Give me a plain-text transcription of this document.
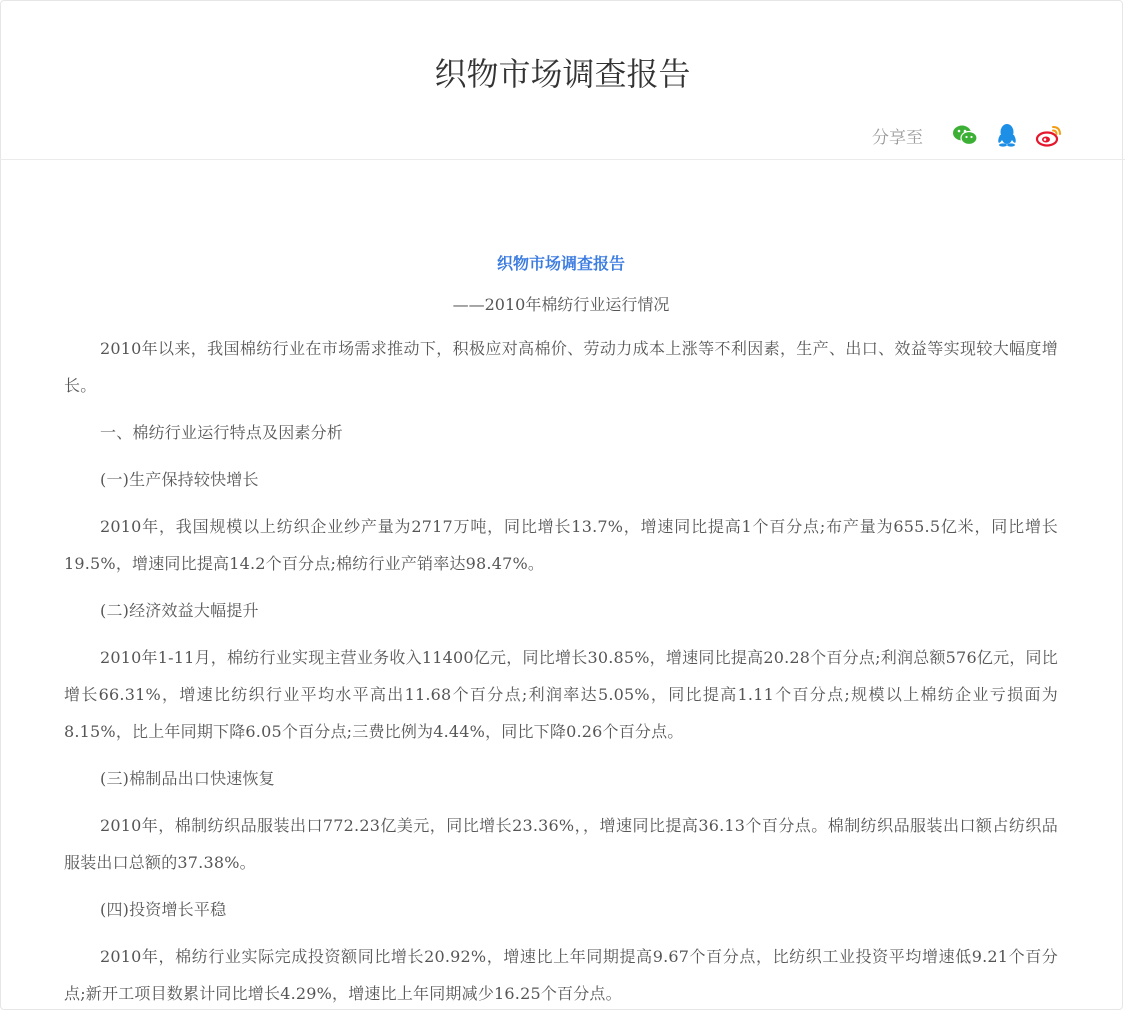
织物市场调查报告
分享至
织物市场调查报告
——2010年棉纺行业运行情况

2010年以来，我国棉纺行业在市场需求推动下，积极应对高棉价、劳动力成本上涨等不利因素，生产、出口、效益等实现较大幅度增长。

一、棉纺行业运行特点及因素分析

(一)生产保持较快增长

2010年，我国规模以上纺织企业纱产量为2717万吨，同比增长13.7%，增速同比提高1个百分点;布产量为655.5亿米，同比增长19.5%，增速同比提高14.2个百分点;棉纺行业产销率达98.47%。

(二)经济效益大幅提升

2010年1-11月，棉纺行业实现主营业务收入11400亿元，同比增长30.85%，增速同比提高20.28个百分点;利润总额576亿元，同比增长66.31%，增速比纺织行业平均水平高出11.68个百分点;利润率达5.05%，同比提高1.11个百分点;规模以上棉纺企业亏损面为8.15%，比上年同期下降6.05个百分点;三费比例为4.44%，同比下降0.26个百分点。

(三)棉制品出口快速恢复

2010年，棉制纺织品服装出口772.23亿美元，同比增长23.36%，，增速同比提高36.13个百分点。棉制纺织品服装出口额占纺织品服装出口总额的37.38%。

(四)投资增长平稳

2010年，棉纺行业实际完成投资额同比增长20.92%，增速比上年同期提高9.67个百分点，比纺织工业投资平均增速低9.21个百分点;新开工项目数累计同比增长4.29%，增速比上年同期减少16.25个百分点。
